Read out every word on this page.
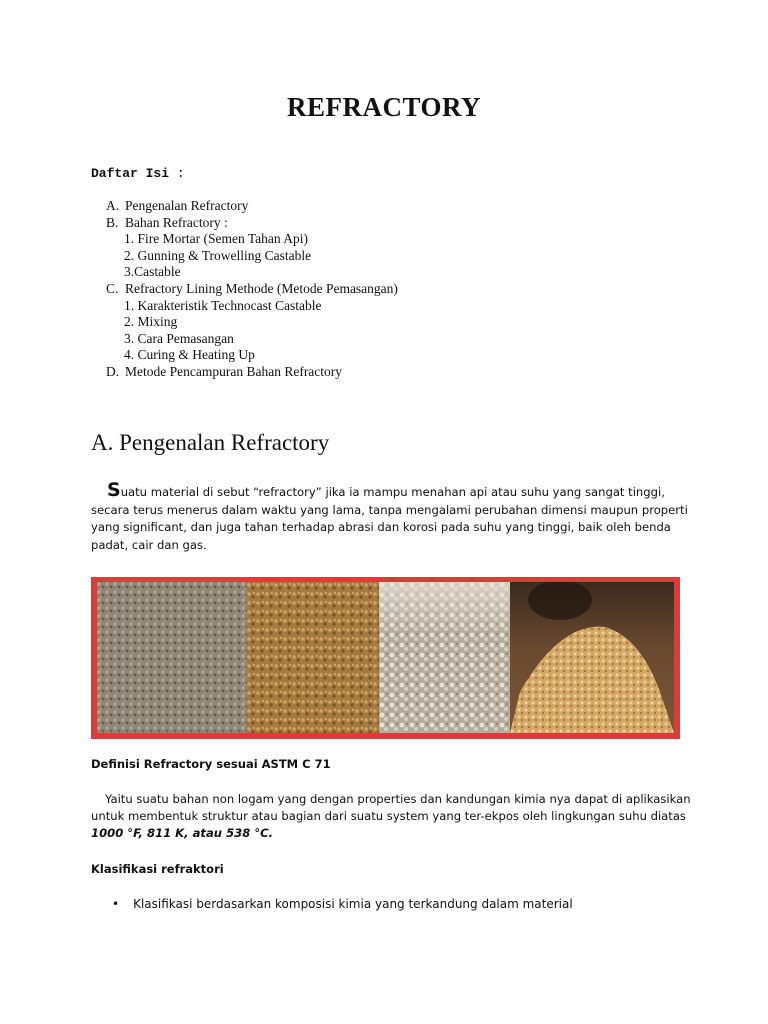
REFRACTORY
Daftar Isi :
A. Pengenalan Refractory
B. Bahan Refractory :
1. Fire Mortar (Semen Tahan Api)
2. Gunning & Trowelling Castable
3.Castable
C. Refractory Lining Methode (Metode Pemasangan)
1. Karakteristik Technocast Castable
2. Mixing
3. Cara Pemasangan
4. Curing & Heating Up
D. Metode Pencampuran Bahan Refractory
A. Pengenalan Refractory
Suatu material di sebut “refractory” jika ia mampu menahan api atau suhu yang sangat tinggi, secara terus menerus dalam waktu yang lama, tanpa mengalami perubahan dimensi maupun properti yang significant, dan juga tahan terhadap abrasi dan korosi pada suhu yang tinggi, baik oleh benda padat, cair dan gas.
Definisi Refractory sesuai ASTM C 71
Yaitu suatu bahan non logam yang dengan properties dan kandungan kimia nya dapat di aplikasikan untuk membentuk struktur atau bagian dari suatu system yang ter-ekpos oleh lingkungan suhu diatas 1000 °F, 811 K, atau 538 °C.
Klasifikasi refraktori
• Klasifikasi berdasarkan komposisi kimia yang terkandung dalam material
